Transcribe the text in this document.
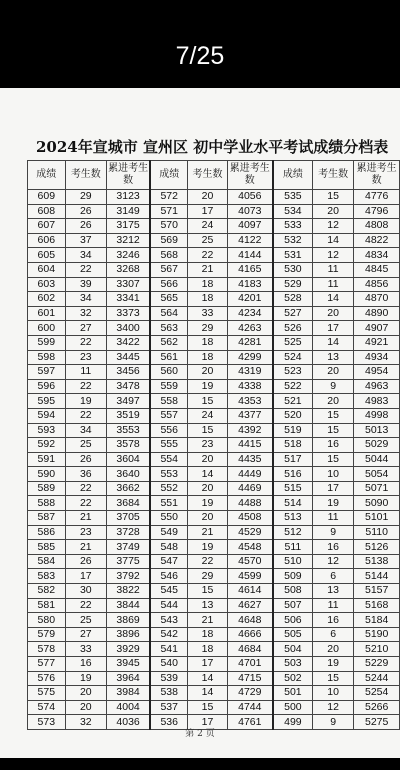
7/25
2024年宣城市 宣州区 初中学业水平考试成绩分档表
成绩	考生数	累进考生数	成绩	考生数	累进考生数	成绩	考生数	累进考生数
609	29	3123	572	20	4056	535	15	4776
608	26	3149	571	17	4073	534	20	4796
607	26	3175	570	24	4097	533	12	4808
606	37	3212	569	25	4122	532	14	4822
605	34	3246	568	22	4144	531	12	4834
604	22	3268	567	21	4165	530	11	4845
603	39	3307	566	18	4183	529	11	4856
602	34	3341	565	18	4201	528	14	4870
601	32	3373	564	33	4234	527	20	4890
600	27	3400	563	29	4263	526	17	4907
599	22	3422	562	18	4281	525	14	4921
598	23	3445	561	18	4299	524	13	4934
597	11	3456	560	20	4319	523	20	4954
596	22	3478	559	19	4338	522	9	4963
595	19	3497	558	15	4353	521	20	4983
594	22	3519	557	24	4377	520	15	4998
593	34	3553	556	15	4392	519	15	5013
592	25	3578	555	23	4415	518	16	5029
591	26	3604	554	20	4435	517	15	5044
590	36	3640	553	14	4449	516	10	5054
589	22	3662	552	20	4469	515	17	5071
588	22	3684	551	19	4488	514	19	5090
587	21	3705	550	20	4508	513	11	5101
586	23	3728	549	21	4529	512	9	5110
585	21	3749	548	19	4548	511	16	5126
584	26	3775	547	22	4570	510	12	5138
583	17	3792	546	29	4599	509	6	5144
582	30	3822	545	15	4614	508	13	5157
581	22	3844	544	13	4627	507	11	5168
580	25	3869	543	21	4648	506	16	5184
579	27	3896	542	18	4666	505	6	5190
578	33	3929	541	18	4684	504	20	5210
577	16	3945	540	17	4701	503	19	5229
576	19	3964	539	14	4715	502	15	5244
575	20	3984	538	14	4729	501	10	5254
574	20	4004	537	15	4744	500	12	5266
573	32	4036	536	17	4761	499	9	5275
第 2 页
